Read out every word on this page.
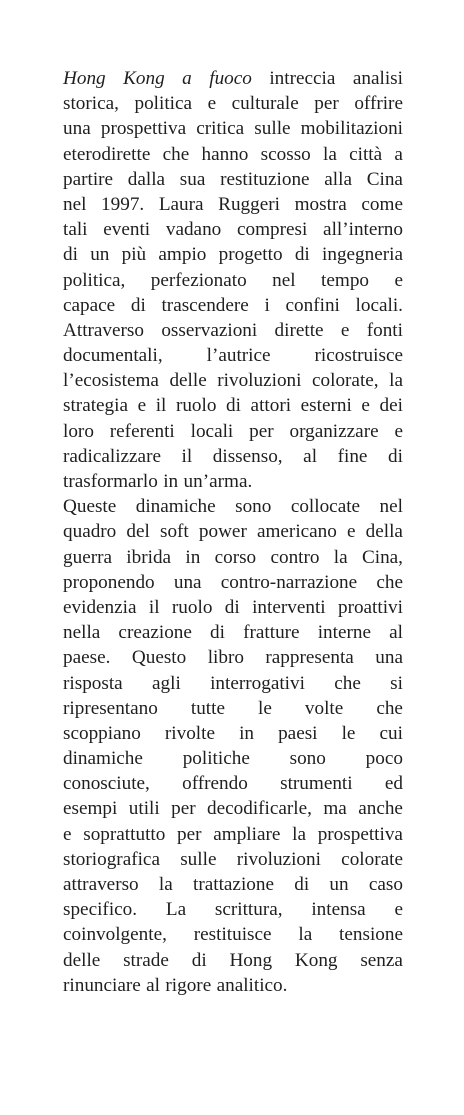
Hong Kong a fuoco intreccia analisi
storica, politica e culturale per offrire
una prospettiva critica sulle mobilitazioni
eterodirette che hanno scosso la città a
partire dalla sua restituzione alla Cina
nel 1997. Laura Ruggeri mostra come
tali eventi vadano compresi all’interno
di un più ampio progetto di ingegneria
politica, perfezionato nel tempo e
capace di trascendere i confini locali.
Attraverso osservazioni dirette e fonti
documentali, l’autrice ricostruisce
l’ecosistema delle rivoluzioni colorate, la
strategia e il ruolo di attori esterni e dei
loro referenti locali per organizzare e
radicalizzare il dissenso, al fine di
trasformarlo in un’arma.
Queste dinamiche sono collocate nel
quadro del soft power americano e della
guerra ibrida in corso contro la Cina,
proponendo una contro-narrazione che
evidenzia il ruolo di interventi proattivi
nella creazione di fratture interne al
paese. Questo libro rappresenta una
risposta agli interrogativi che si
ripresentano tutte le volte che
scoppiano rivolte in paesi le cui
dinamiche politiche sono poco
conosciute, offrendo strumenti ed
esempi utili per decodificarle, ma anche
e soprattutto per ampliare la prospettiva
storiografica sulle rivoluzioni colorate
attraverso la trattazione di un caso
specifico. La scrittura, intensa e
coinvolgente, restituisce la tensione
delle strade di Hong Kong senza
rinunciare al rigore analitico.
